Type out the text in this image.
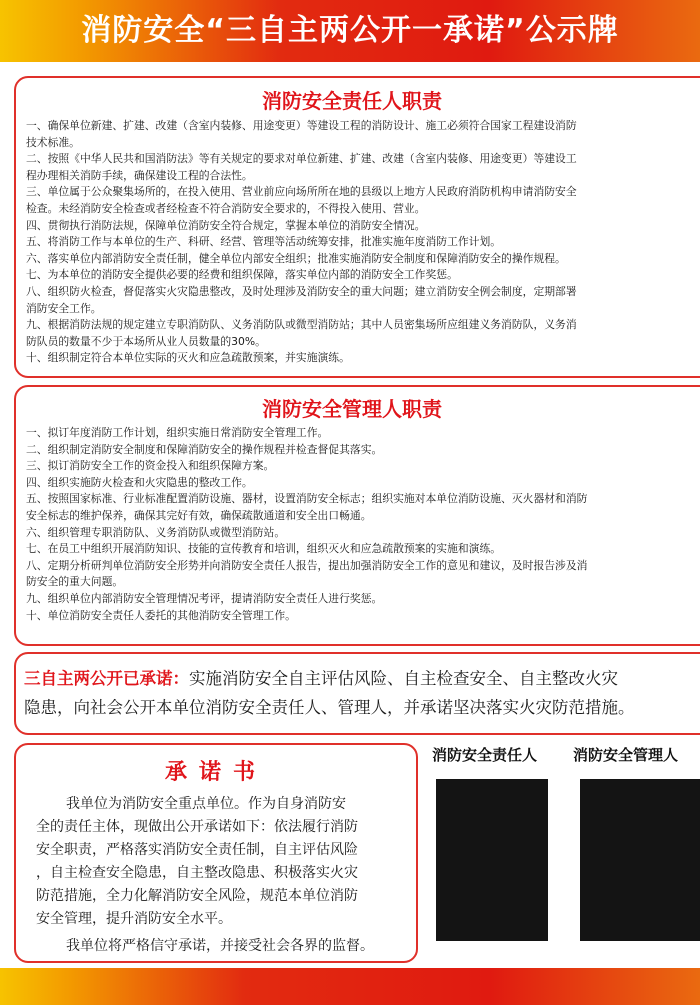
消防安全“三自主两公开一承诺”公示牌
消防安全责任人职责
一、确保单位新建、扩建、改建（含室内装修、用途变更）等建设工程的消防设计、施工必须符合国家工程建设消防
技术标准。
二、按照《中华人民共和国消防法》等有关规定的要求对单位新建、扩建、改建（含室内装修、用途变更）等建设工
程办理相关消防手续，确保建设工程的合法性。
三、单位属于公众聚集场所的，在投入使用、营业前应向场所所在地的县级以上地方人民政府消防机构申请消防安全
检查。未经消防安全检查或者经检查不符合消防安全要求的，不得投入使用、营业。
四、贯彻执行消防法规，保障单位消防安全符合规定，掌握本单位的消防安全情况。
五、将消防工作与本单位的生产、科研、经营、管理等活动统筹安排，批准实施年度消防工作计划。
六、落实单位内部消防安全责任制，健全单位内部安全组织；批准实施消防安全制度和保障消防安全的操作规程。
七、为本单位的消防安全提供必要的经费和组织保障，落实单位内部的消防安全工作奖惩。
八、组织防火检查，督促落实火灾隐患整改，及时处理涉及消防安全的重大问题；建立消防安全例会制度，定期部署
消防安全工作。
九、根据消防法规的规定建立专职消防队、义务消防队或微型消防站；其中人员密集场所应组建义务消防队，义务消
防队员的数量不少于本场所从业人员数量的30%。
十、组织制定符合本单位实际的灭火和应急疏散预案，并实施演练。
消防安全管理人职责
一、拟订年度消防工作计划，组织实施日常消防安全管理工作。
二、组织制定消防安全制度和保障消防安全的操作规程并检查督促其落实。
三、拟订消防安全工作的资金投入和组织保障方案。
四、组织实施防火检查和火灾隐患的整改工作。
五、按照国家标准、行业标准配置消防设施、器材，设置消防安全标志；组织实施对本单位消防设施、灭火器材和消防
安全标志的维护保养，确保其完好有效，确保疏散通道和安全出口畅通。
六、组织管理专职消防队、义务消防队或微型消防站。
七、在员工中组织开展消防知识、技能的宣传教育和培训，组织灭火和应急疏散预案的实施和演练。
八、定期分析研判单位消防安全形势并向消防安全责任人报告，提出加强消防安全工作的意见和建议，及时报告涉及消
防安全的重大问题。
九、组织单位内部消防安全管理情况考评，提请消防安全责任人进行奖惩。
十、单位消防安全责任人委托的其他消防安全管理工作。
三自主两公开已承诺：实施消防安全自主评估风险、自主检查安全、自主整改火灾
隐患，向社会公开本单位消防安全责任人、管理人，并承诺坚决落实火灾防范措施。
承诺书
我单位为消防安全重点单位。作为自身消防安
全的责任主体，现做出公开承诺如下：依法履行消防
安全职责，严格落实消防安全责任制，自主评估风险
，自主检查安全隐患，自主整改隐患、积极落实火灾
防范措施，全力化解消防安全风险，规范本单位消防
安全管理，提升消防安全水平。
我单位将严格信守承诺，并接受社会各界的监督。
消防安全责任人 消防安全管理人
